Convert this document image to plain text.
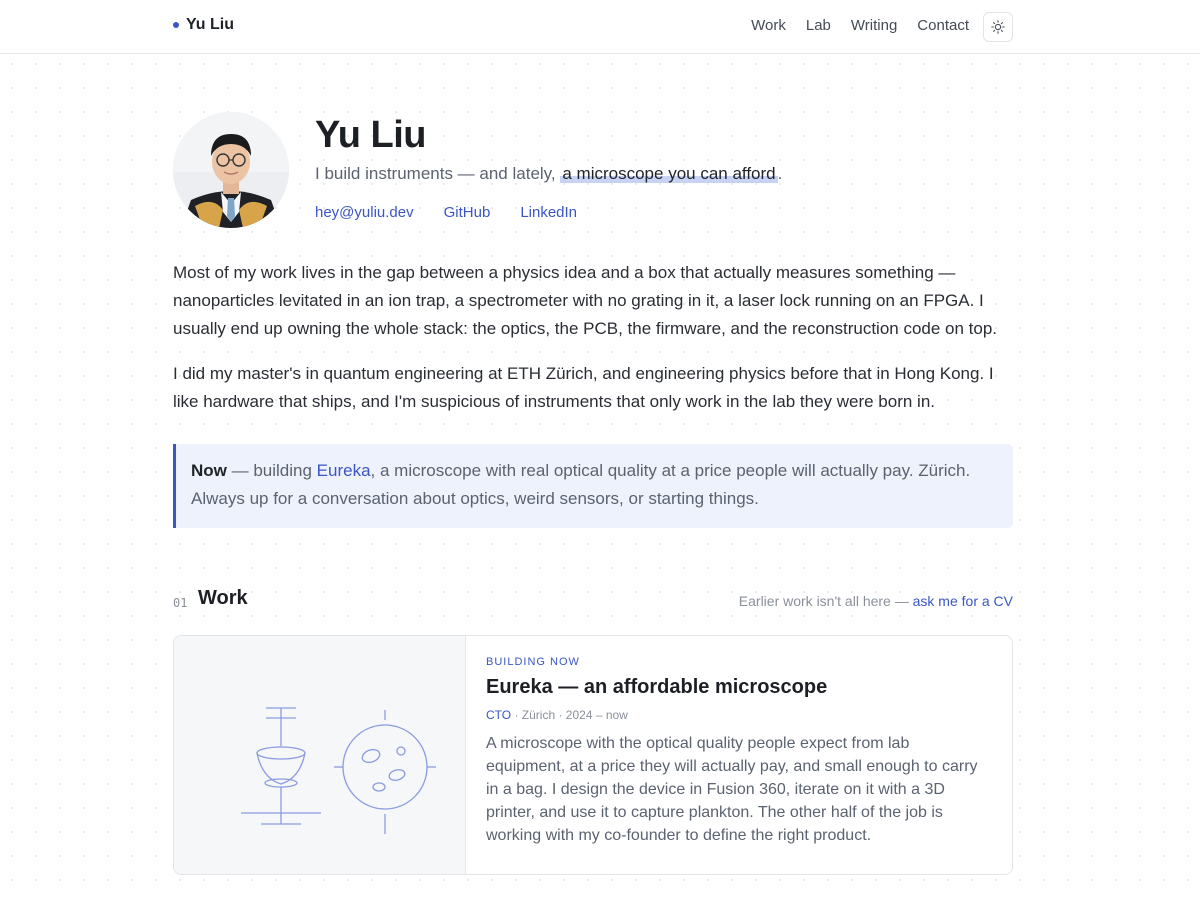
Yu Liu	Work Lab Writing Contact
Yu Liu

I build instruments — and lately, a microscope you can afford .

hey@yuliu.dev GitHub LinkedIn

Most of my work lives in the gap between a physics idea and a box that actually measures something — nanoparticles levitated in an ion trap, a spectrometer with no grating in it, a laser lock running on an FPGA. I usually end up owning the whole stack: the optics, the PCB, the firmware, and the reconstruction code on top.

I did my master's in quantum engineering at ETH Zürich, and engineering physics before that in Hong Kong. I like hardware that ships, and I'm suspicious of instruments that only work in the lab they were born in.

Now — building Eureka, a microscope with real optical quality at a price people will actually pay. Zürich. Always up for a conversation about optics, weird sensors, or starting things.
01 Work	Earlier work isn't all here — ask me for a CV
BUILDING NOW
Eureka — an affordable microscope
CTO · Zürich · 2024 – now

A microscope with the optical quality people expect from lab equipment, at a price they will actually pay, and small enough to carry in a bag. I design the device in Fusion 360, iterate on it with a 3D printer, and use it to capture plankton. The other half of the job is working with my co-founder to define the right product.
